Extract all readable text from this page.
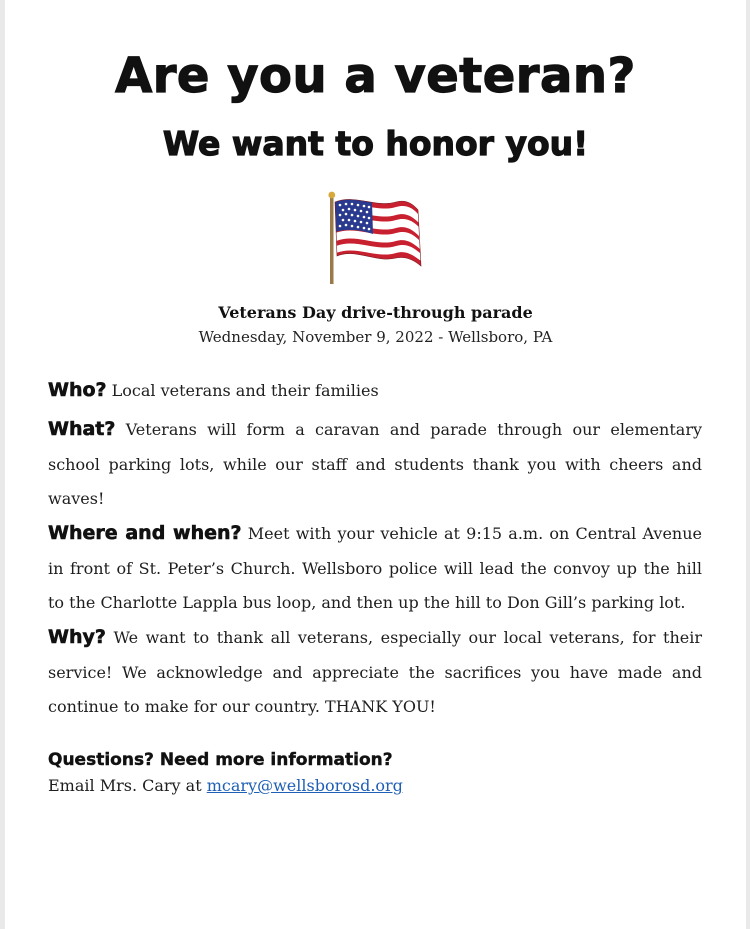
Are you a veteran?
We want to honor you!
Veterans Day drive-through parade
Wednesday, November 9, 2022 - Wellsboro, PA
Who? Local veterans and their families
What? Veterans will form a caravan and parade through our elementary school parking lots, while our staff and students thank you with cheers and waves!
Where and when? Meet with your vehicle at 9:15 a.m. on Central Avenue in front of St. Peter’s Church. Wellsboro police will lead the convoy up the hill to the Charlotte Lappla bus loop, and then up the hill to Don Gill’s parking lot.
Why? We want to thank all veterans, especially our local veterans, for their service! We acknowledge and appreciate the sacrifices you have made and continue to make for our country. THANK YOU!
Questions? Need more information?
Email Mrs. Cary at mcary@wellsborosd.org
